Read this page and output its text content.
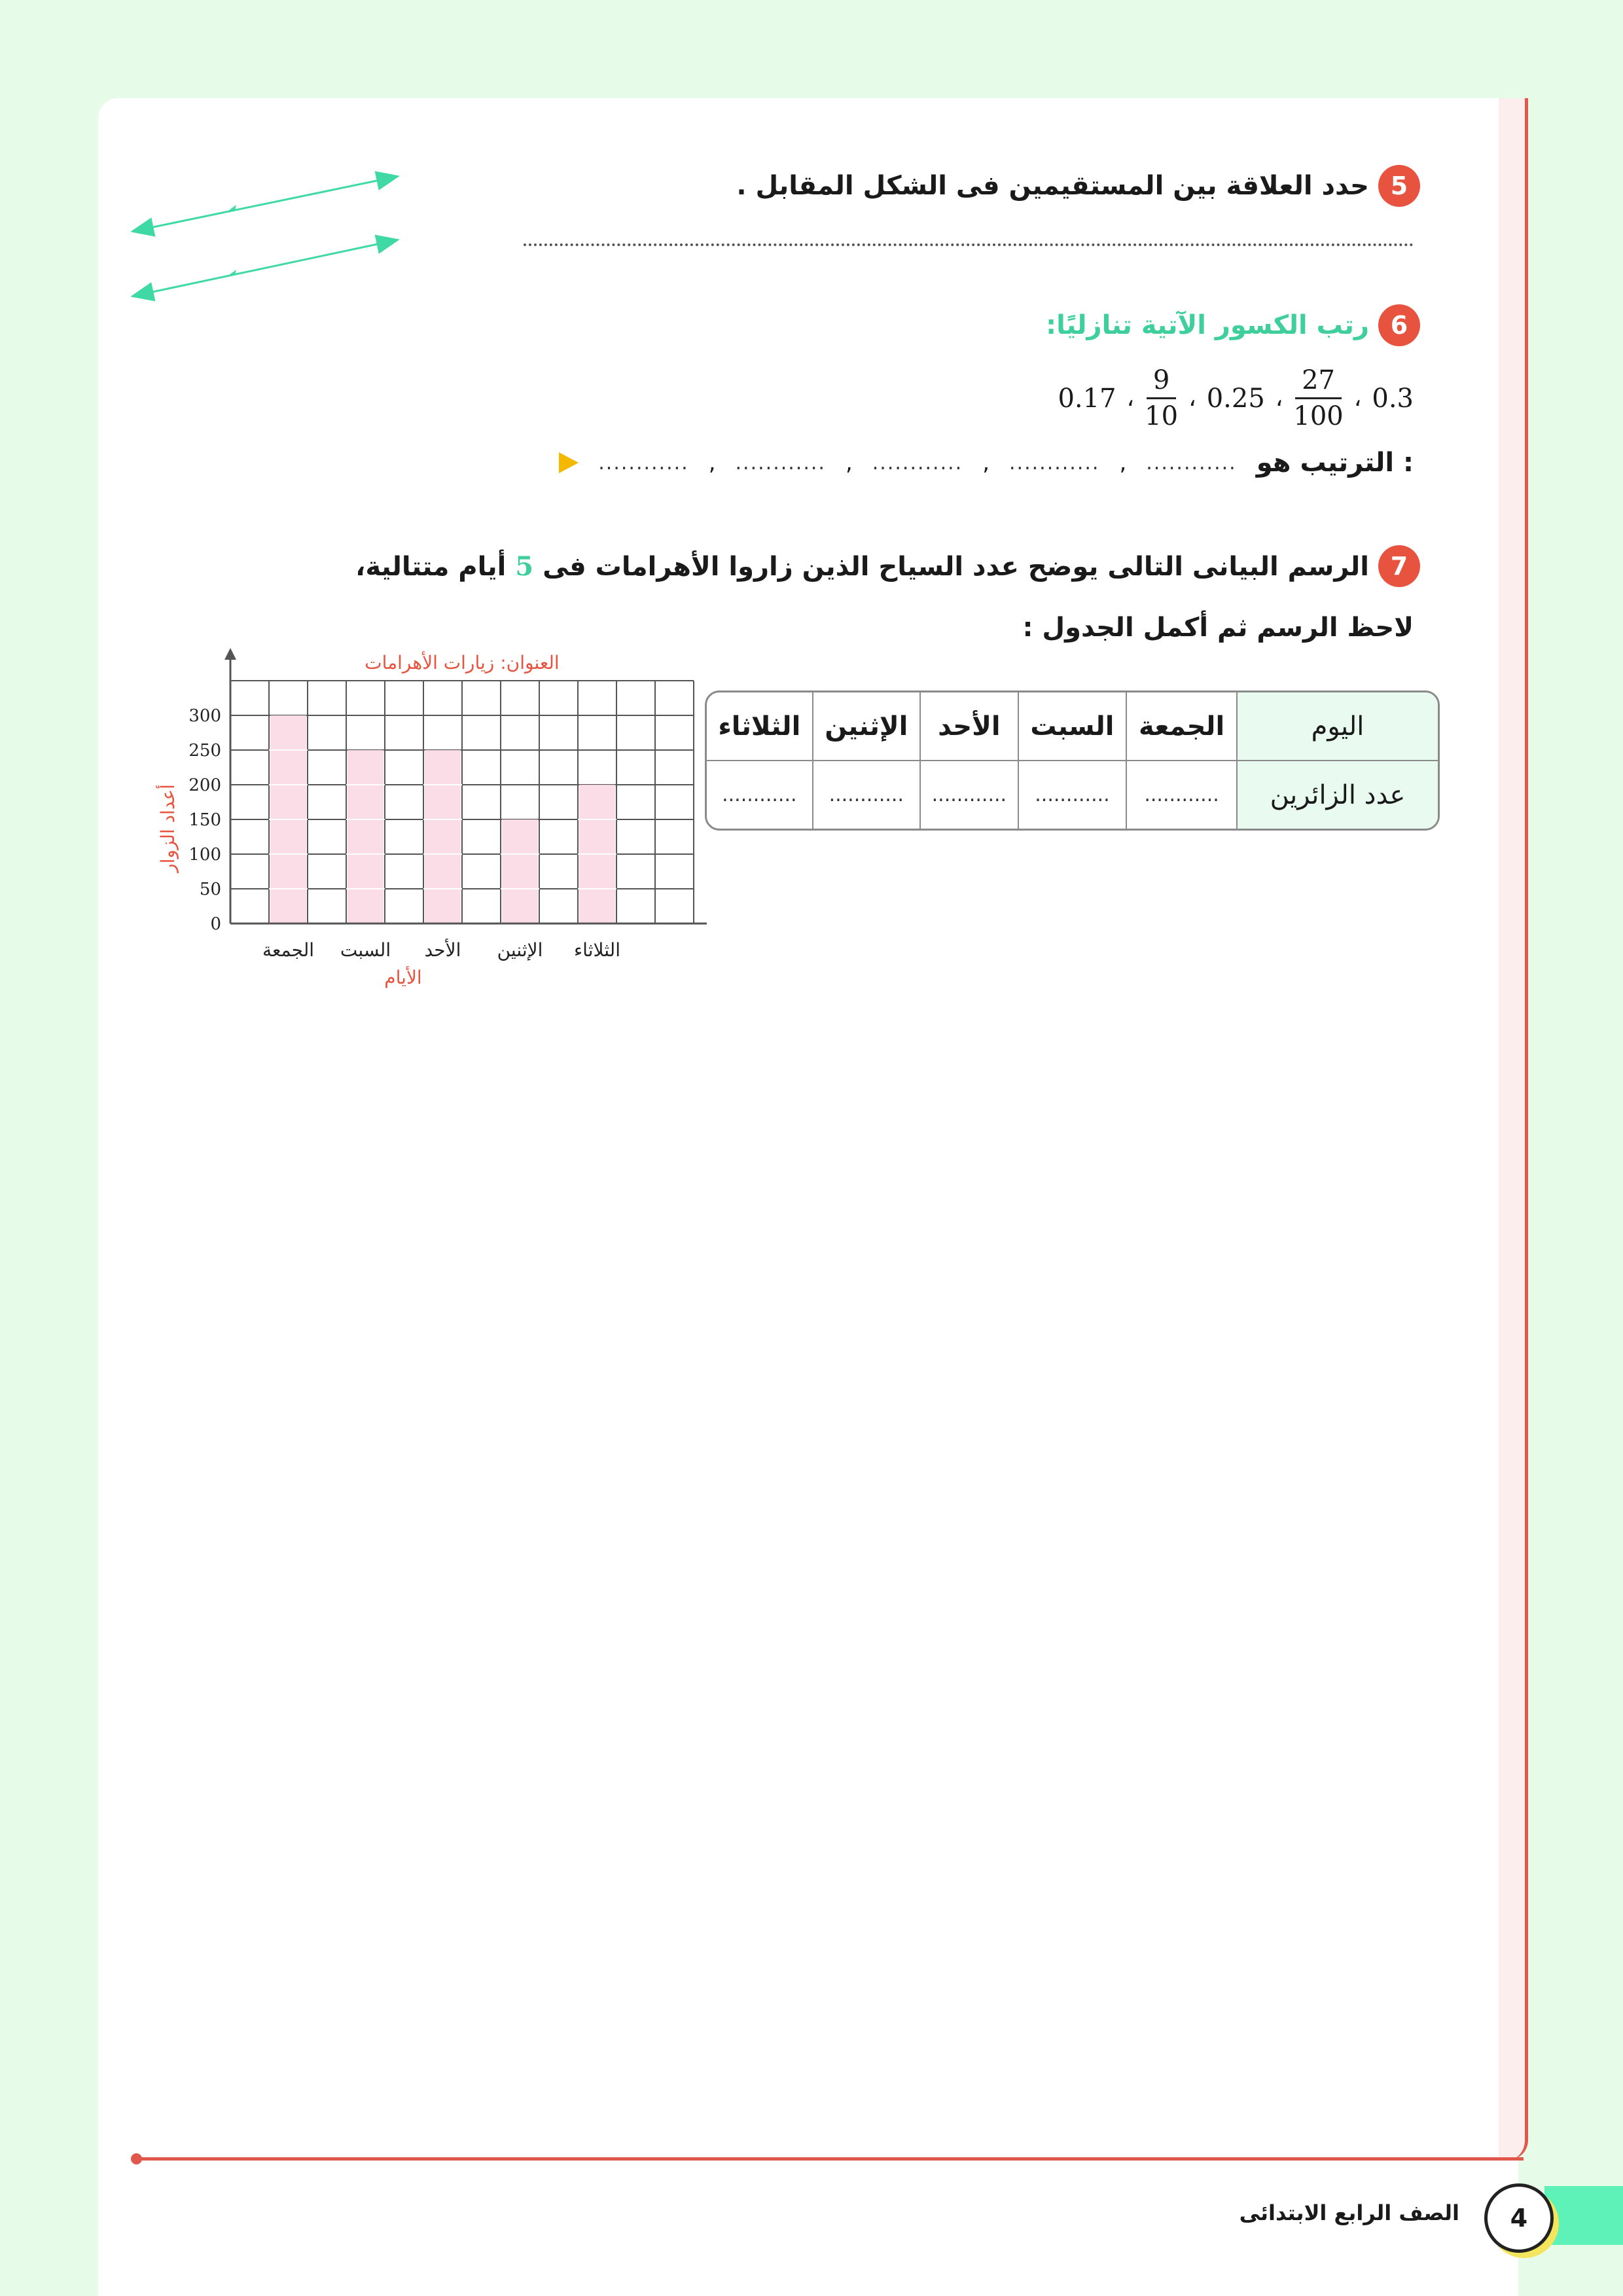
5
حدد العلاقة بين المستقيمين فى الشكل المقابل .
6
رتب الكسور الآتية تنازليًا:
0.3
،
$\frac{27}{100}$
،
0.25
،
$\frac{9}{10}$
،
0.17
الترتيب هو :
............
,
............
,
............
,
............
,
............
7
الرسم البيانى التالى يوضح عدد السياح الذين زاروا الأهرامات فى 5 أيام متتالية،
لاحظ الرسم ثم أكمل الجدول :
0
50
100
150
200
250
300
الجمعة السبت الأحد الإثنين الثلاثاء
العنوان: زيارات الأهرامات
الأيام
أعداد الزوار
اليوم	الجمعة	السبت	الأحد	الإثنين	الثلاثاء
عدد الزائرين	............	............	............	............	............
4
الصف الرابع الابتدائى
